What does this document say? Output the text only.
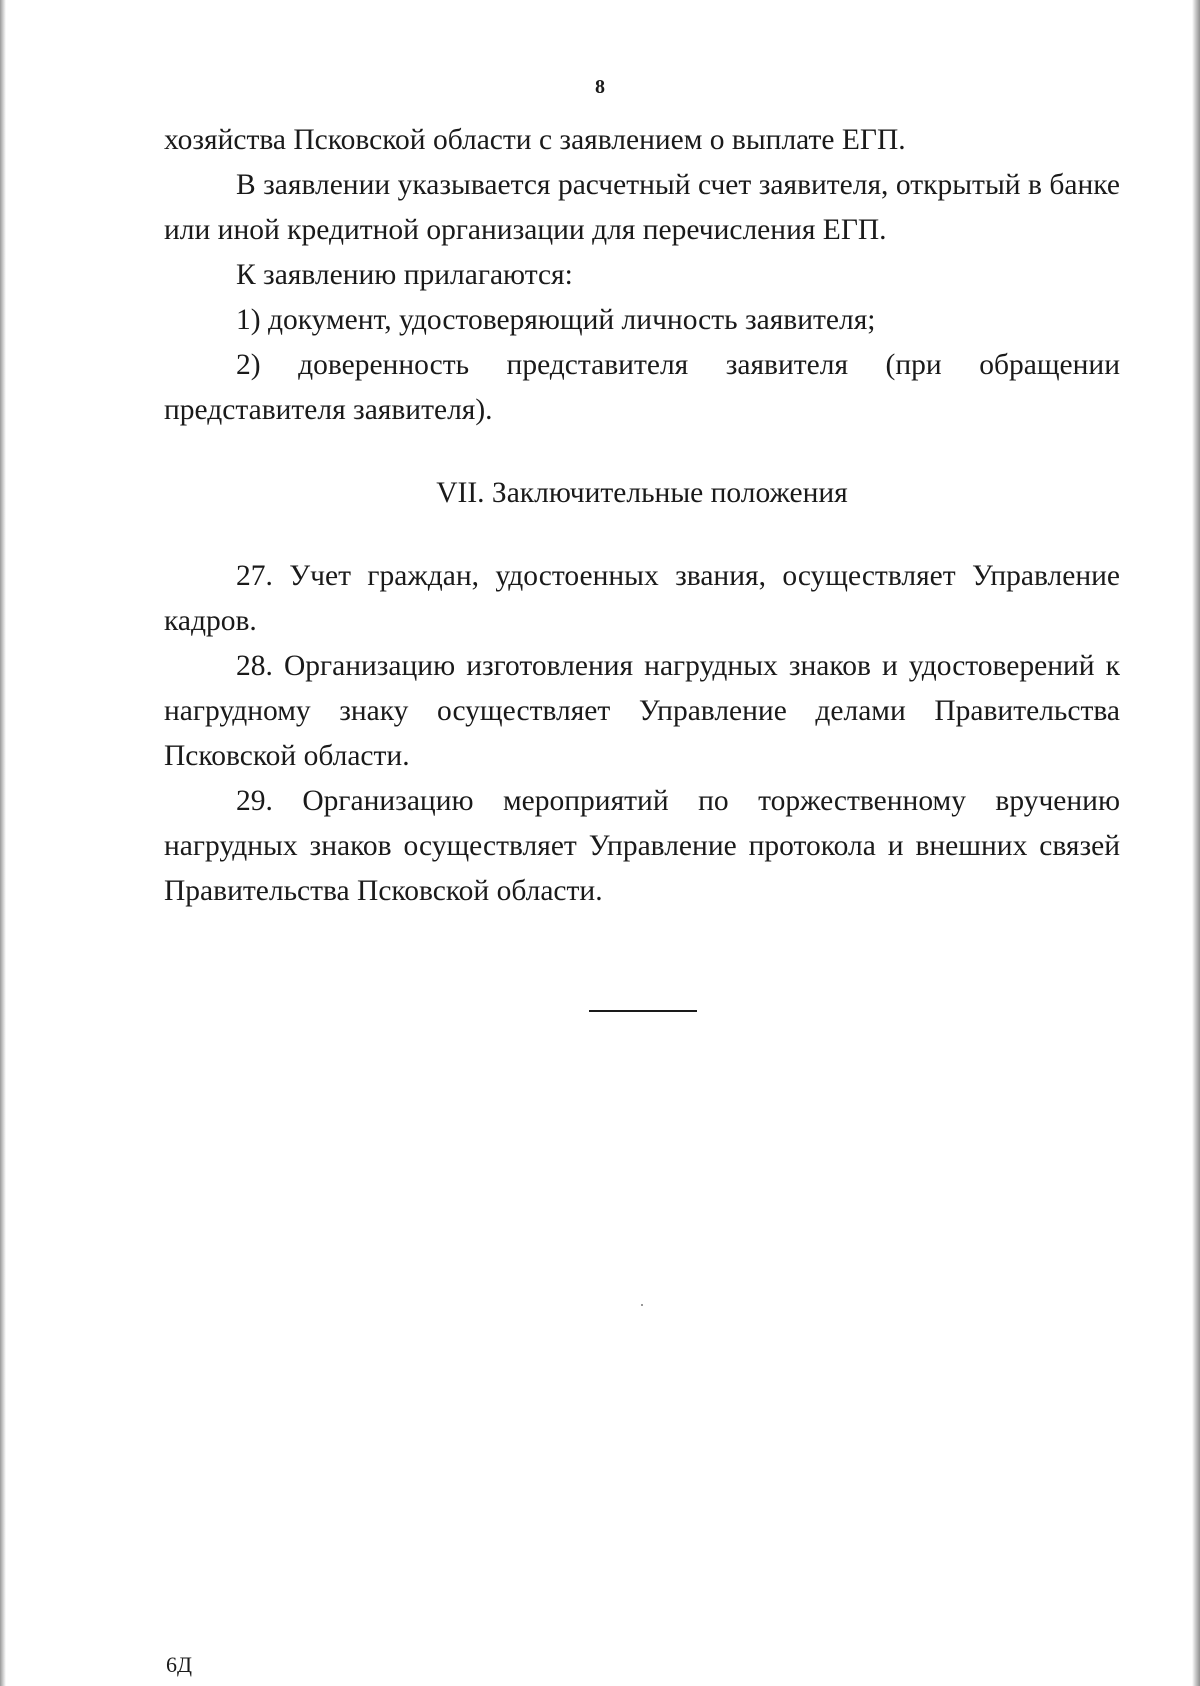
8

хозяйства Псковской области с заявлением о выплате ЕГП.

В заявлении указывается расчетный счет заявителя, открытый в банке или иной кредитной организации для перечисления ЕГП.

К заявлению прилагаются:

1) документ, удостоверяющий личность заявителя;

2) доверенность представителя заявителя (при обращении представителя заявителя).

VII. Заключительные положения

27. Учет граждан, удостоенных звания, осуществляет Управление кадров.

28. Организацию изготовления нагрудных знаков и удостоверений к нагрудному знаку осуществляет Управление делами Правительства Псковской области.

29. Организацию мероприятий по торжественному вручению нагрудных знаков осуществляет Управление протокола и внешних связей Правительства Псковской области.

6Д
